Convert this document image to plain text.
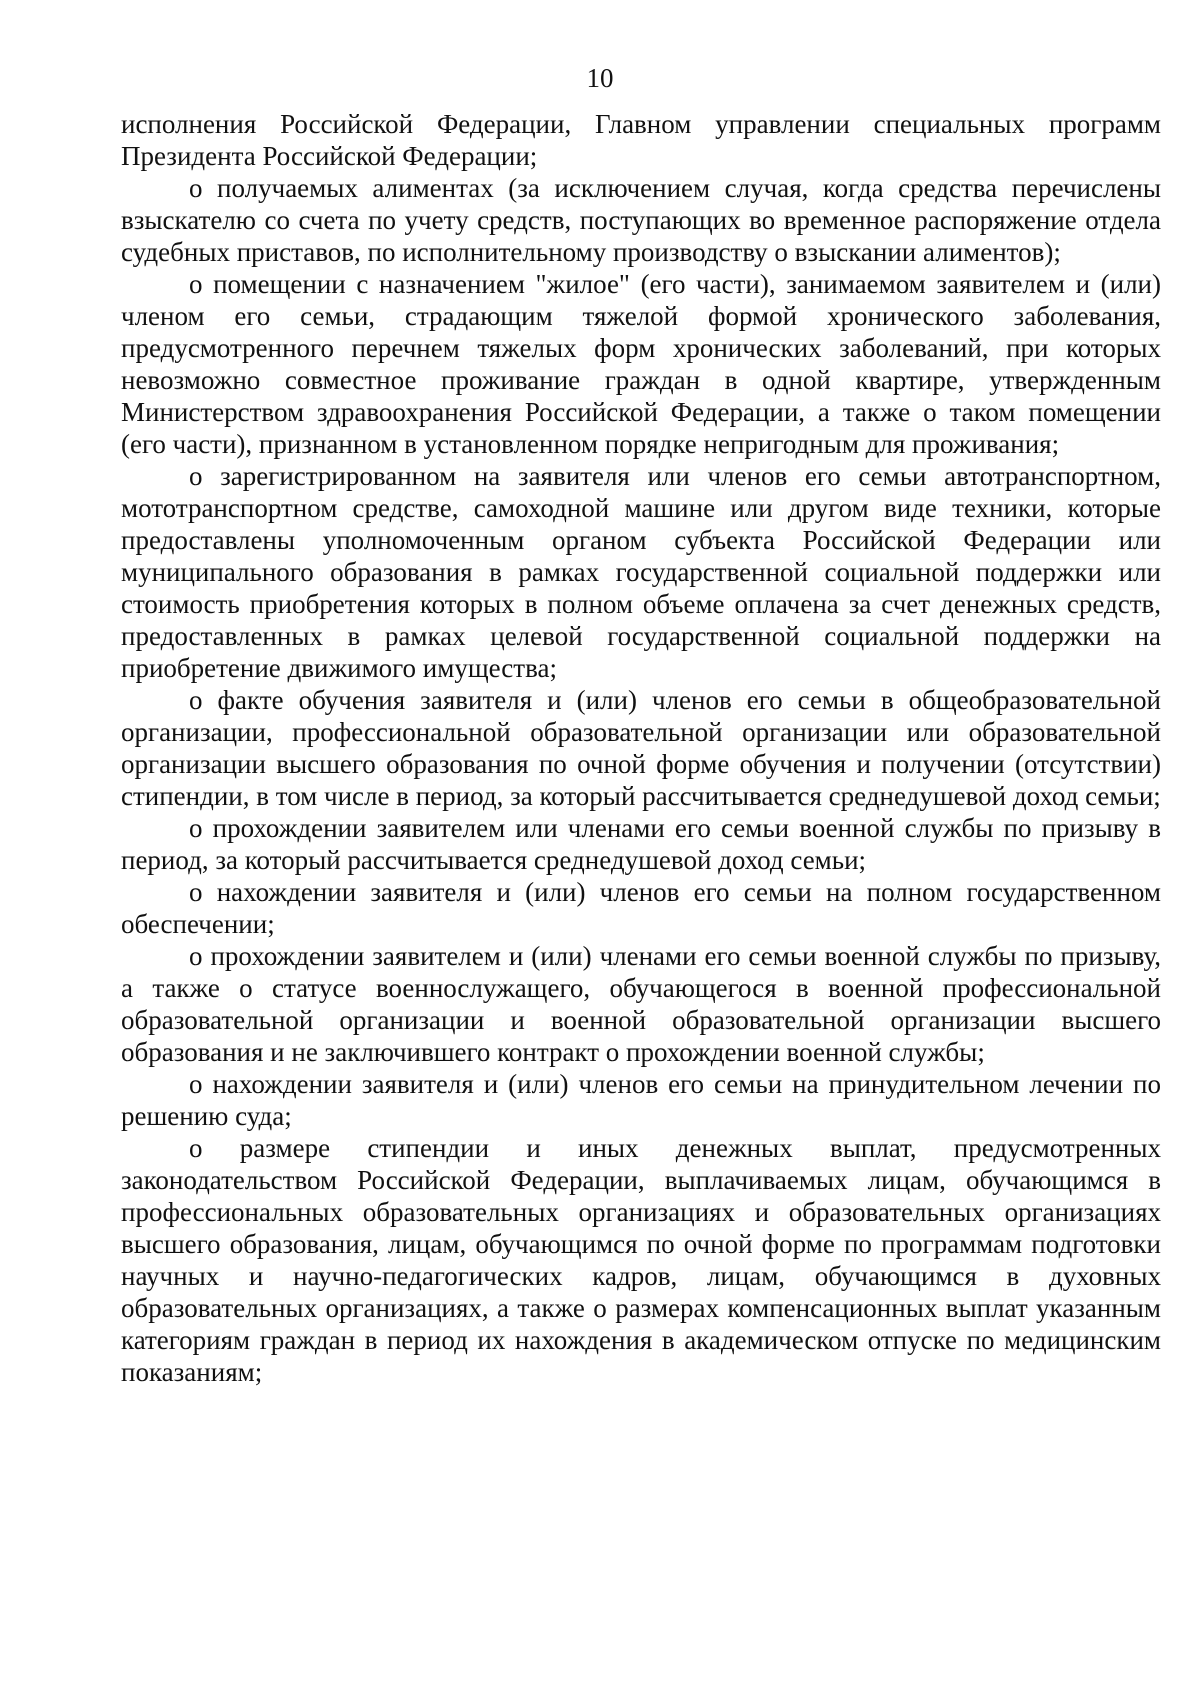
10

исполнения Российской Федерации, Главном управлении специальных программ Президента Российской Федерации;

о получаемых алиментах (за исключением случая, когда средства перечислены взыскателю со счета по учету средств, поступающих во временное распоряжение отдела судебных приставов, по исполнительному производству о взыскании алиментов);

о помещении с назначением "жилое" (его части), занимаемом заявителем и (или) членом его семьи, страдающим тяжелой формой хронического заболевания, предусмотренного перечнем тяжелых форм хронических заболеваний, при которых невозможно совместное проживание граждан в одной квартире, утвержденным Министерством здравоохранения Российской Федерации, а также о таком помещении (его части), признанном в установленном порядке непригодным для проживания;

о зарегистрированном на заявителя или членов его семьи автотранспортном, мототранспортном средстве, самоходной машине или другом виде техники, которые предоставлены уполномоченным органом субъекта Российской Федерации или муниципального образования в рамках государственной социальной поддержки или стоимость приобретения которых в полном объеме оплачена за счет денежных средств, предоставленных в рамках целевой государственной социальной поддержки на приобретение движимого имущества;

о факте обучения заявителя и (или) членов его семьи в общеобразовательной организации, профессиональной образовательной организации или образовательной организации высшего образования по очной форме обучения и получении (отсутствии) стипендии, в том числе в период, за который рассчитывается среднедушевой доход семьи;

о прохождении заявителем или членами его семьи военной службы по призыву в период, за который рассчитывается среднедушевой доход семьи;

о нахождении заявителя и (или) членов его семьи на полном государственном обеспечении;

о прохождении заявителем и (или) членами его семьи военной службы по призыву, а также о статусе военнослужащего, обучающегося в военной профессиональной образовательной организации и военной образовательной организации высшего образования и не заключившего контракт о прохождении военной службы;

о нахождении заявителя и (или) членов его семьи на принудительном лечении по решению суда;

о размере стипендии и иных денежных выплат, предусмотренных законодательством Российской Федерации, выплачиваемых лицам, обучающимся в профессиональных образовательных организациях и образовательных организациях высшего образования, лицам, обучающимся по очной форме по программам подготовки научных и научно-педагогических кадров, лицам, обучающимся в духовных образовательных организациях, а также о размерах компенсационных выплат указанным категориям граждан в период их нахождения в академическом отпуске по медицинским показаниям;
